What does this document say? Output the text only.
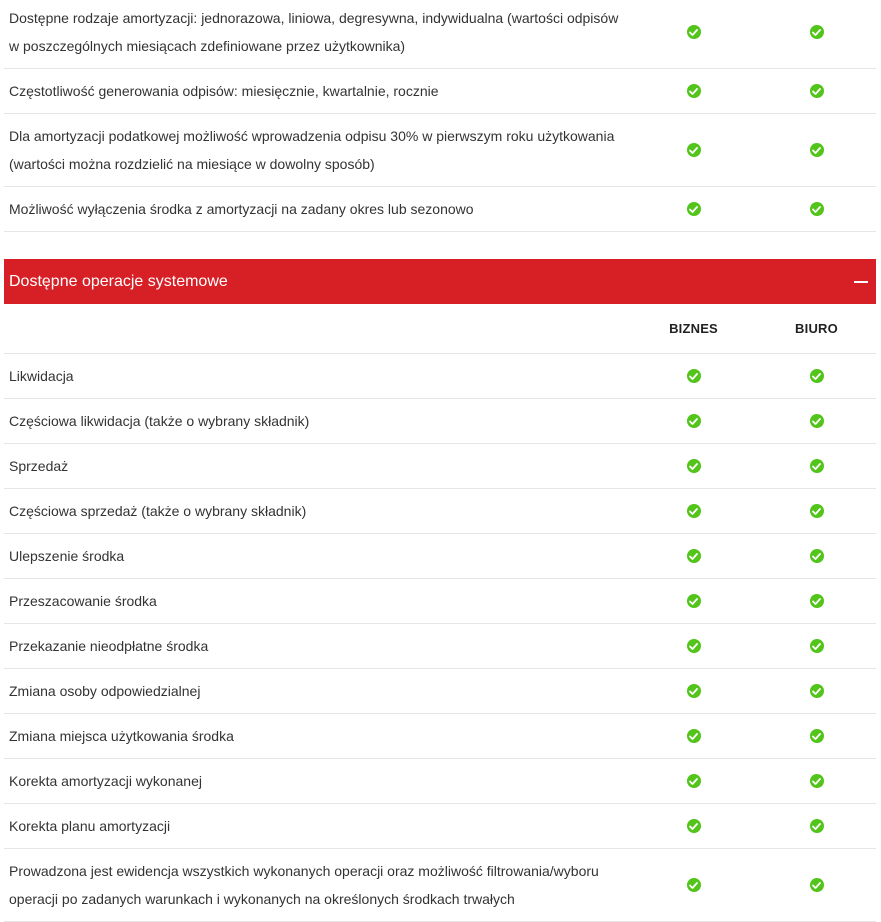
Dostępne rodzaje amortyzacji: jednorazowa, liniowa, degresywna, indywidualna (wartości odpisów
w poszczególnych miesiącach zdefiniowane przez użytkownika)
Częstotliwość generowania odpisów: miesięcznie, kwartalnie, rocznie
Dla amortyzacji podatkowej możliwość wprowadzenia odpisu 30% w pierwszym roku użytkowania
(wartości można rozdzielić na miesiące w dowolny sposób)
Możliwość wyłączenia środka z amortyzacji na zadany okres lub sezonowo
Dostępne operacje systemowe
BIZNES	BIURO
Likwidacja
Częściowa likwidacja (także o wybrany składnik)
Sprzedaż
Częściowa sprzedaż (także o wybrany składnik)
Ulepszenie środka
Przeszacowanie środka
Przekazanie nieodpłatne środka
Zmiana osoby odpowiedzialnej
Zmiana miejsca użytkowania środka
Korekta amortyzacji wykonanej
Korekta planu amortyzacji
Prowadzona jest ewidencja wszystkich wykonanych operacji oraz możliwość filtrowania/wyboru
operacji po zadanych warunkach i wykonanych na określonych środkach trwałych
